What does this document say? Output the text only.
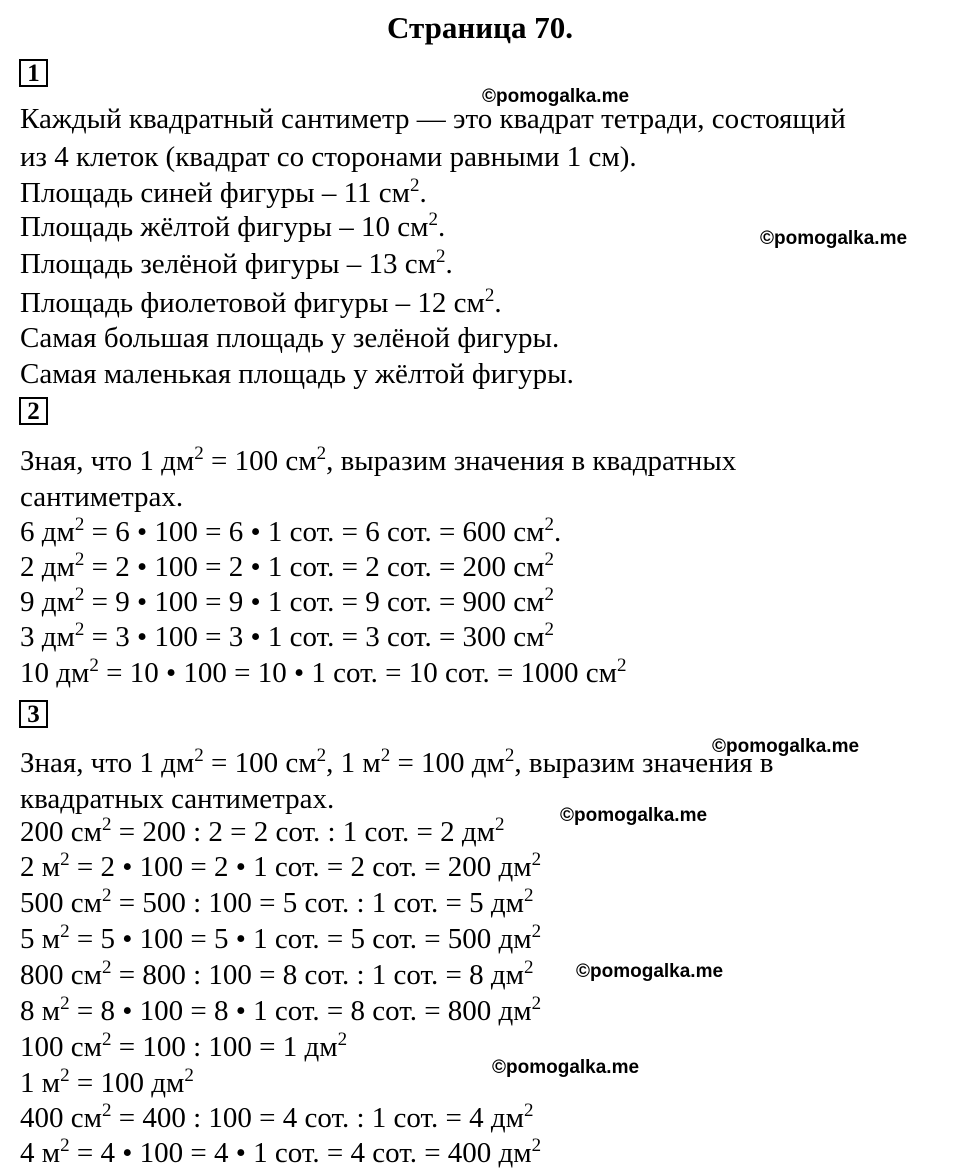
Страница 70.
1
Каждый квадратный сантиметр — это квадрат тетради, состоящий
из 4 клеток (квадрат со сторонами равными 1 см).
Площадь синей фигуры – 11 $см^2$.
Площадь жёлтой фигуры – 10 $см^2$.
Площадь зелёной фигуры – 13 $см^2$.
Площадь фиолетовой фигуры – 12 $см^2$.
Самая большая площадь у зелёной фигуры.
Самая маленькая площадь у жёлтой фигуры.
2
Зная, что 1 $дм^2 = 100$ $см^2$, выразим значения в квадратных
сантиметрах.
6 $дм^2 = 6$ • 100 = 6 • 1 сот. = 6 сот. = 600 $см^2$.
2 $дм^2 = 2$ • 100 = 2 • 1 сот. = 2 сот. = 200 $см^2$
9 $дм^2 = 9$ • 100 = 9 • 1 сот. = 9 сот. = 900 $см^2$
3 $дм^2 = 3$ • 100 = 3 • 1 сот. = 3 сот. = 300 $см^2$
10 $дм^2 = 10$ • 100 = 10 • 1 сот. = 10 сот. = 1000 $см^2$
3
Зная, что 1 $дм^2 = 100$ $см^2$, 1 $м^2 = 100$ $дм^2$, выразим значения в
квадратных сантиметрах.
200 $см^2 = 200$ : 2 = 2 сот. : 1 сот. = 2 $дм^2$
2 $м^2 = 2$ • 100 = 2 • 1 сот. = 2 сот. = 200 $дм^2$
500 $см^2 = 500$ : 100 = 5 сот. : 1 сот. = 5 $дм^2$
5 $м^2 = 5$ • 100 = 5 • 1 сот. = 5 сот. = 500 $дм^2$
800 $см^2 = 800$ : 100 = 8 сот. : 1 сот. = 8 $дм^2$
8 $м^2 = 8$ • 100 = 8 • 1 сот. = 8 сот. = 800 $дм^2$
100 $см^2 = 100$ : 100 = 1 $дм^2$
1 $м^2 = 100$ $дм^2$
400 $см^2 = 400$ : 100 = 4 сот. : 1 сот. = 4 $дм^2$
4 $м^2 = 4$ • 100 = 4 • 1 сот. = 4 сот. = 400 $дм^2$
©pomogalka.me
©pomogalka.me
©pomogalka.me
©pomogalka.me
©pomogalka.me
©pomogalka.me
